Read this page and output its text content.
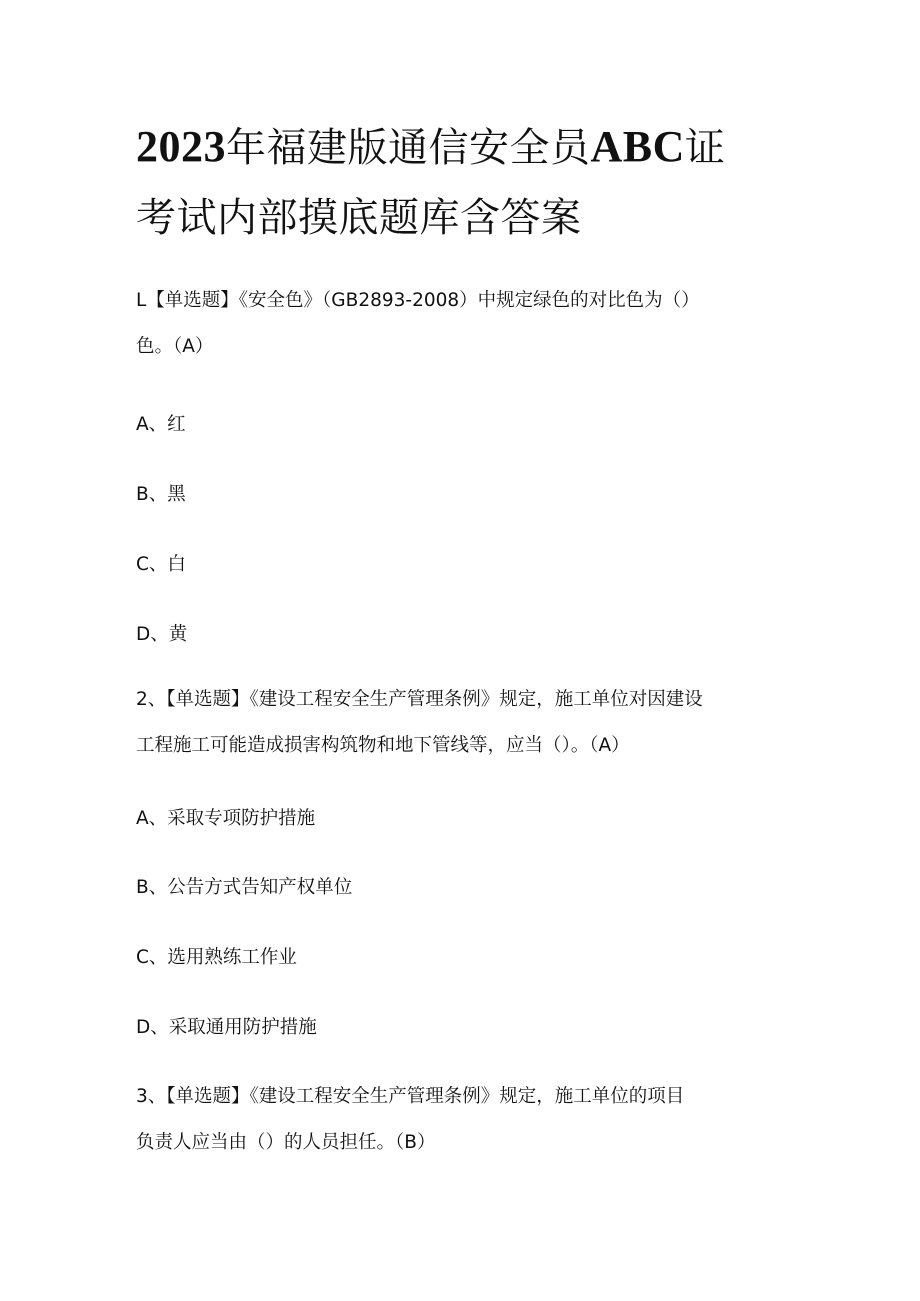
2023年福建版通信安全员ABC证
考试内部摸底题库含答案

L【单选题】《安全色》（GB2893-2008）中规定绿色的对比色为（）
色。（A）

A、红

B、黑

C、白

D、黄

2、【单选题】《建设工程安全生产管理条例》规定，施工单位对因建设
工程施工可能造成损害构筑物和地下管线等，应当（）。（A）

A、采取专项防护措施

B、公告方式告知产权单位

C、选用熟练工作业

D、采取通用防护措施

3、【单选题】《建设工程安全生产管理条例》规定，施工单位的项目
负责人应当由（）的人员担任。（B）
